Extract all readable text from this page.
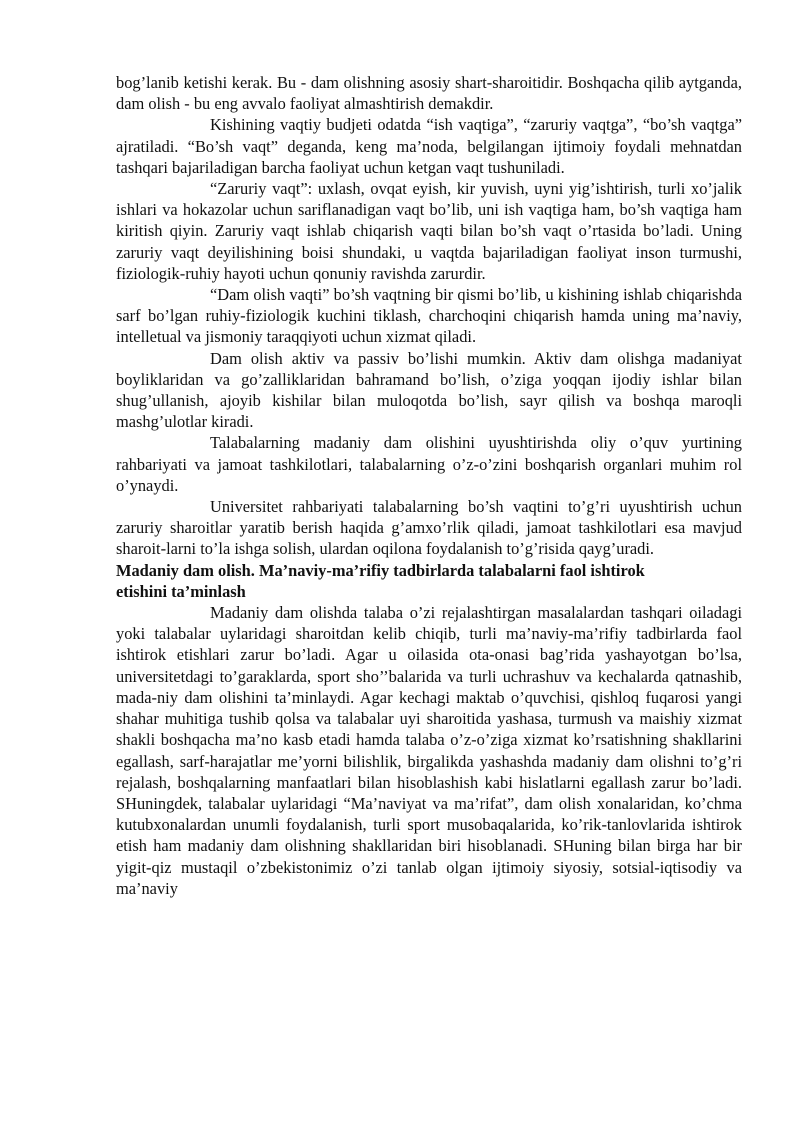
bog’lanib ketishi kerak. Bu - dam olishning asosiy shart-sharoitidir. Boshqacha qilib aytganda, dam olish - bu eng avvalo faoliyat almashtirish demakdir.

Kishining vaqtiy budjeti odatda “ish vaqtiga”, “zaruriy vaqtga”, “bo’sh vaqtga” ajratiladi. “Bo’sh vaqt” deganda, keng ma’noda, belgilangan ijtimoiy foydali mehnatdan tashqari bajariladigan barcha faoliyat uchun ketgan vaqt tushuniladi.

“Zaruriy vaqt”: uxlash, ovqat eyish, kir yuvish, uyni yig’ishtirish, turli xo’jalik ishlari va hokazolar uchun sariflanadigan vaqt bo’lib, uni ish vaqtiga ham, bo’sh vaqtiga ham kiritish qiyin. Zaruriy vaqt ishlab chiqarish vaqti bilan bo’sh vaqt o’rtasida bo’ladi. Uning zaruriy vaqt deyilishining boisi shundaki, u vaqtda bajariladigan faoliyat inson turmushi, fiziologik-ruhiy hayoti uchun qonuniy ravishda zarurdir.

“Dam olish vaqti” bo’sh vaqtning bir qismi bo’lib, u kishining ishlab chiqarishda sarf bo’lgan ruhiy-fiziologik kuchini tiklash, charchoqini chiqarish hamda uning ma’naviy, intelletual va jismoniy taraqqiyoti uchun xizmat qiladi.

Dam olish aktiv va passiv bo’lishi mumkin. Aktiv dam olishga madaniyat boyliklaridan va go’zalliklaridan bahramand bo’lish, o’ziga yoqqan ijodiy ishlar bilan shug’ullanish, ajoyib kishilar bilan muloqotda bo’lish, sayr qilish va boshqa maroqli mashg’ulotlar kiradi.

Talabalarning madaniy dam olishini uyushtirishda oliy o’quv yurtining rahbariyati va jamoat tashkilotlari, talabalarning o’z-o’zini boshqarish organlari muhim rol o’ynaydi.

Universitet rahbariyati talabalarning bo’sh vaqtini to’g’ri uyushtirish uchun zaruriy sharoitlar yaratib berish haqida g’amxo’rlik qiladi, jamoat tashkilotlari esa mavjud sharoit-larni to’la ishga solish, ulardan oqilona foydalanish to’g’risida qayg’uradi.

Madaniy dam olish. Ma’naviy-ma’rifiy tadbirlarda talabalarni faol ishtirok
etishini ta’minlash

Madaniy dam olishda talaba o’zi rejalashtirgan masalalardan tashqari oiladagi yoki talabalar uylaridagi sharoitdan kelib chiqib, turli ma’naviy-ma’rifiy tadbirlarda faol ishtirok etishlari zarur bo’ladi. Agar u oilasida ota-onasi bag’rida yashayotgan bo’lsa, universitetdagi to’garaklarda, sport sho’’balarida va turli uchrashuv va kechalarda qatnashib, mada-niy dam olishini ta’minlaydi. Agar kechagi maktab o’quvchisi, qishloq fuqarosi yangi shahar muhitiga tushib qolsa va talabalar uyi sharoitida yashasa, turmush va maishiy xizmat shakli boshqacha ma’no kasb etadi hamda talaba o’z-o’ziga xizmat ko’rsatishning shakllarini egallash, sarf-harajatlar me’yorni bilishlik, birgalikda yashashda madaniy dam olishni to’g’ri rejalash, boshqalarning manfaatlari bilan hisoblashish kabi hislatlarni egallash zarur bo’ladi. SHuningdek, talabalar uylaridagi “Ma’naviyat va ma’rifat”, dam olish xonalaridan, ko’chma kutubxonalardan unumli foydalanish, turli sport musobaqalarida, ko’rik-tanlovlarida ishtirok etish ham madaniy dam olishning shakllaridan biri hisoblanadi. SHuning bilan birga har bir yigit-qiz mustaqil o’zbekistonimiz o’zi tanlab olgan ijtimoiy siyosiy, sotsial-iqtisodiy va ma’naviy
